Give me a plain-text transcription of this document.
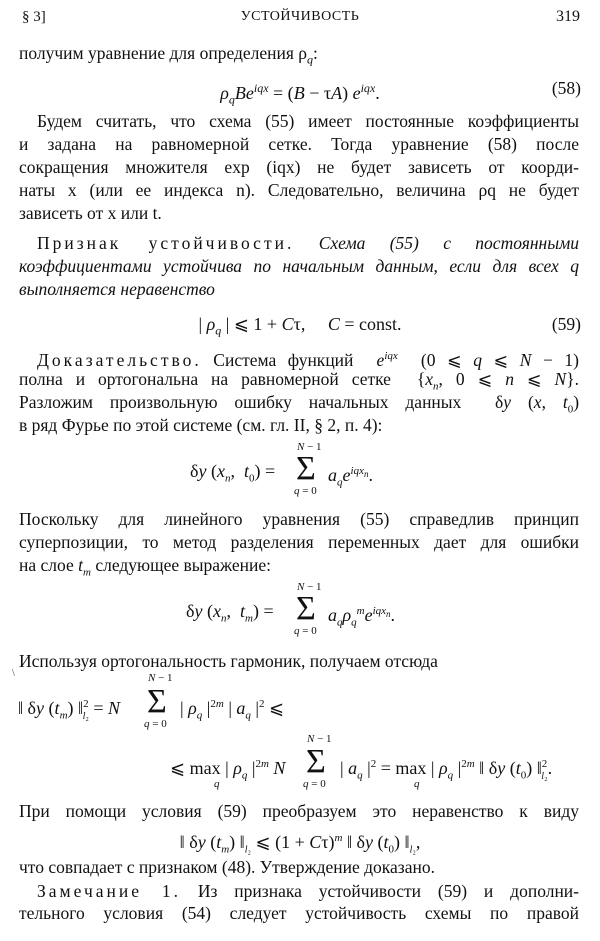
§ 3]	УСТОЙЧИВОСТЬ	319
получим уравнение для определения $\rho_q$:
$\rho_qBe^{iqx} = (B - \tau A)$ $e^{iqx}$.	(58)
Будем считать, что схема (55) имеет постоянные коэффициенты
и задана на равномерной сетке. Тогда уравнение (58) после
сокращения множителя exp (iqx) не будет зависеть от коорди-
наты x (или ее индекса n). Следовательно, величина ρq не будет
зависеть от x или t.
Признак устойчивости. Схема (55) с постоянными
коэффициентами устойчива по начальным данным, если для всех q
выполняется неравенство
| $\rho_q$ | ⩽ 1 + Cτ,     C = const.	(59)
Доказательство. Система функций  $e^{iqx}$  (0 ⩽ q ⩽ N − 1)
полна и ортогональна на равномерной сетке  {$x_n$, 0 ⩽ n ⩽ N}.
Разложим произвольную ошибку начальных данных  δy (x, $t_0$)
в ряд Фурье по этой системе (см. гл. II, § 2, п. 4):
N − 1
δy ($x_n$,  $t_0) = \Sigma$
q = 0
$a_qe^{iqx_n}$.
Поскольку для линейного уравнения (55) справедлив принцип
суперпозиции, то метод разделения переменных дает для ошибки
на слое $t_m$ следующее выражение:
N − 1
δy ($x_n$,  $t_m) = \Sigma$
q = 0
$a_q\rho_q^me^{iqx_n}$.
Используя ортогональность гармоник, получаем отсюда
\	N − 1
‖ δy $(t_m)$ ‖$^2_{l_2}$ = N Σ
q = 0
| $\rho_q$ $|^{2m}$ | $a_q$ $|^2$ ⩽
N − 1
⩽ max | $\rho_q$ $|^{2m}$ N
q
Σ
q = 0
| $a_q$ $|^2 = \max$ | $\rho_q$ $|^{2m}$ ‖ δy $(t_0)$ ‖$^2_{l_2}$.
q
При помощи условия (59) преобразуем это неравенство к виду
‖ δy $(t_m)$ $‖_{l_2}$ ⩽ $(1 + C\tau)^m$ ‖ δy $(t_0)$ $‖_{l_2}$,
что совпадает с признаком (48). Утверждение доказано.
Замечание 1. Из признака устойчивости (59) и дополни-
тельного условия (54) следует устойчивость схемы по правой
